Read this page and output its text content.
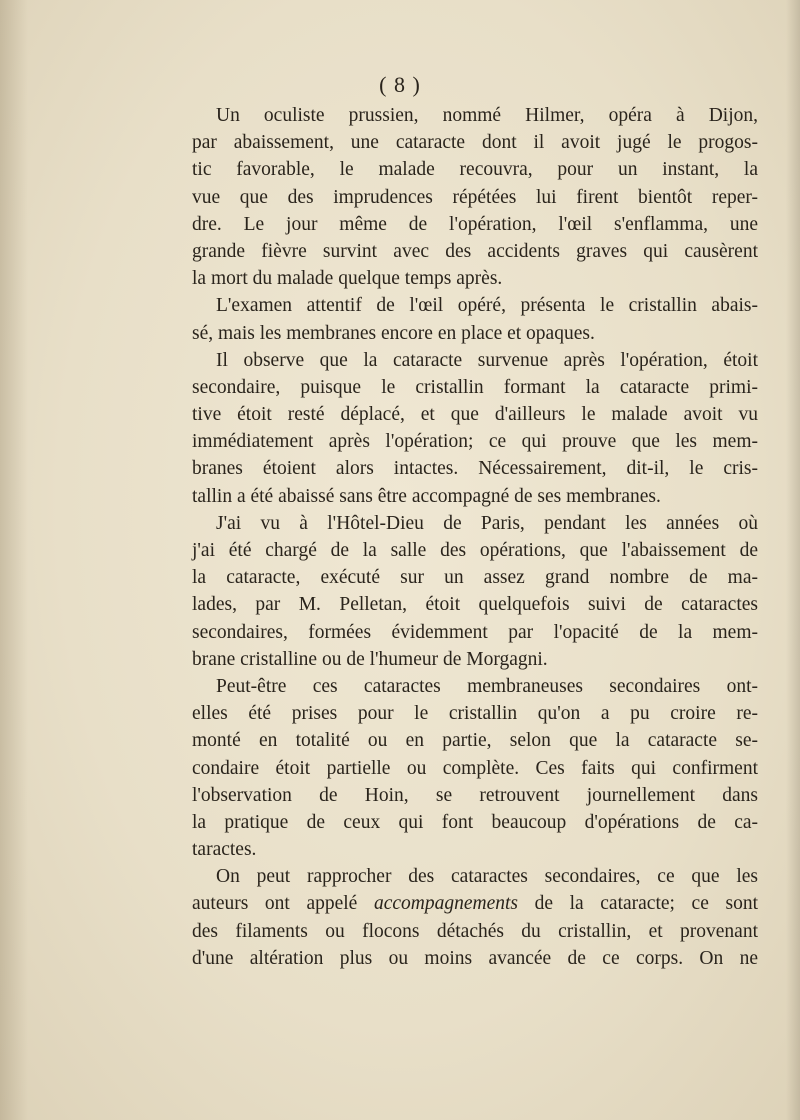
( 8 )
Un oculiste prussien, nommé Hilmer, opéra à Dijon,
par abaissement, une cataracte dont il avoit jugé le progos-
tic favorable, le malade recouvra, pour un instant, la
vue que des imprudences répétées lui firent bientôt reper-
dre. Le jour même de l'opération, l'œil s'enflamma, une
grande fièvre survint avec des accidents graves qui causèrent
la mort du malade quelque temps après.
L'examen attentif de l'œil opéré, présenta le cristallin abais-
sé, mais les membranes encore en place et opaques.
Il observe que la cataracte survenue après l'opération, étoit
secondaire, puisque le cristallin formant la cataracte primi-
tive étoit resté déplacé, et que d'ailleurs le malade avoit vu
immédiatement après l'opération; ce qui prouve que les mem-
branes étoient alors intactes. Nécessairement, dit-il, le cris-
tallin a été abaissé sans être accompagné de ses membranes.
J'ai vu à l'Hôtel-Dieu de Paris, pendant les années où
j'ai été chargé de la salle des opérations, que l'abaissement de
la cataracte, exécuté sur un assez grand nombre de ma-
lades, par M. Pelletan, étoit quelquefois suivi de cataractes
secondaires, formées évidemment par l'opacité de la mem-
brane cristalline ou de l'humeur de Morgagni.
Peut-être ces cataractes membraneuses secondaires ont-
elles été prises pour le cristallin qu'on a pu croire re-
monté en totalité ou en partie, selon que la cataracte se-
condaire étoit partielle ou complète. Ces faits qui confirment
l'observation de Hoin, se retrouvent journellement dans
la pratique de ceux qui font beaucoup d'opérations de ca-
taractes.
On peut rapprocher des cataractes secondaires, ce que les
auteurs ont appelé accompagnements de la cataracte; ce sont
des filaments ou flocons détachés du cristallin, et provenant
d'une altération plus ou moins avancée de ce corps. On ne
